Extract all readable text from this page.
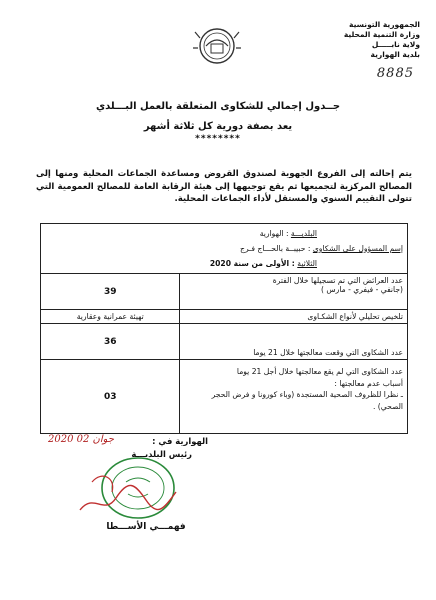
الجمهورية التونسية
وزارة التنمية المحلية
ولاية نابـــــل
بلدية الهوارية
8885
جــدول إجمالي للشكاوى المتعلقة بالعمل البـــلدي
يعد بصفة دورية كل ثلاثة أشهر
********
يتم إحالته إلى الفروع الجهوية لصندوق القروض ومساعدة الجماعات المحلية ومنها إلى المصالح المركزية لتجميعها ثم يقع توجيهها إلى هيئة الرقابة العامة للمصالح العمومية التي تتولى التقييم السنوي والمستقل لأداء الجماعات المحلية.
البلديـــة : الهوارية
إسم المسؤول على الشكاوى : حبيبــة بالحـــاج فـرج
الثلاثية : الأولى من سنة 2020	

عدد العرائض التي تم تسجيلها خلال الفترة
(جانفي - فيفري - مارس )	39
تلخيص تحليلي لأنواع الشكـاوى	تهيئة عمرانية وعقارية
عدد الشكاوى التي وقعت معالجتها خلال 21 يوما	36

عدد الشكاوى التي لم يقع معالجتها خلال أجل 21 يوما
أسباب عدم معالجتها :
ـ نظرا للظروف الصحية المستجدة (وباء كورونا و فرض الحجر الصحي) .	03
الهوارية في :
رئيس البلديـــة
2020 جوان 02
فهمـــي الأســـطا
